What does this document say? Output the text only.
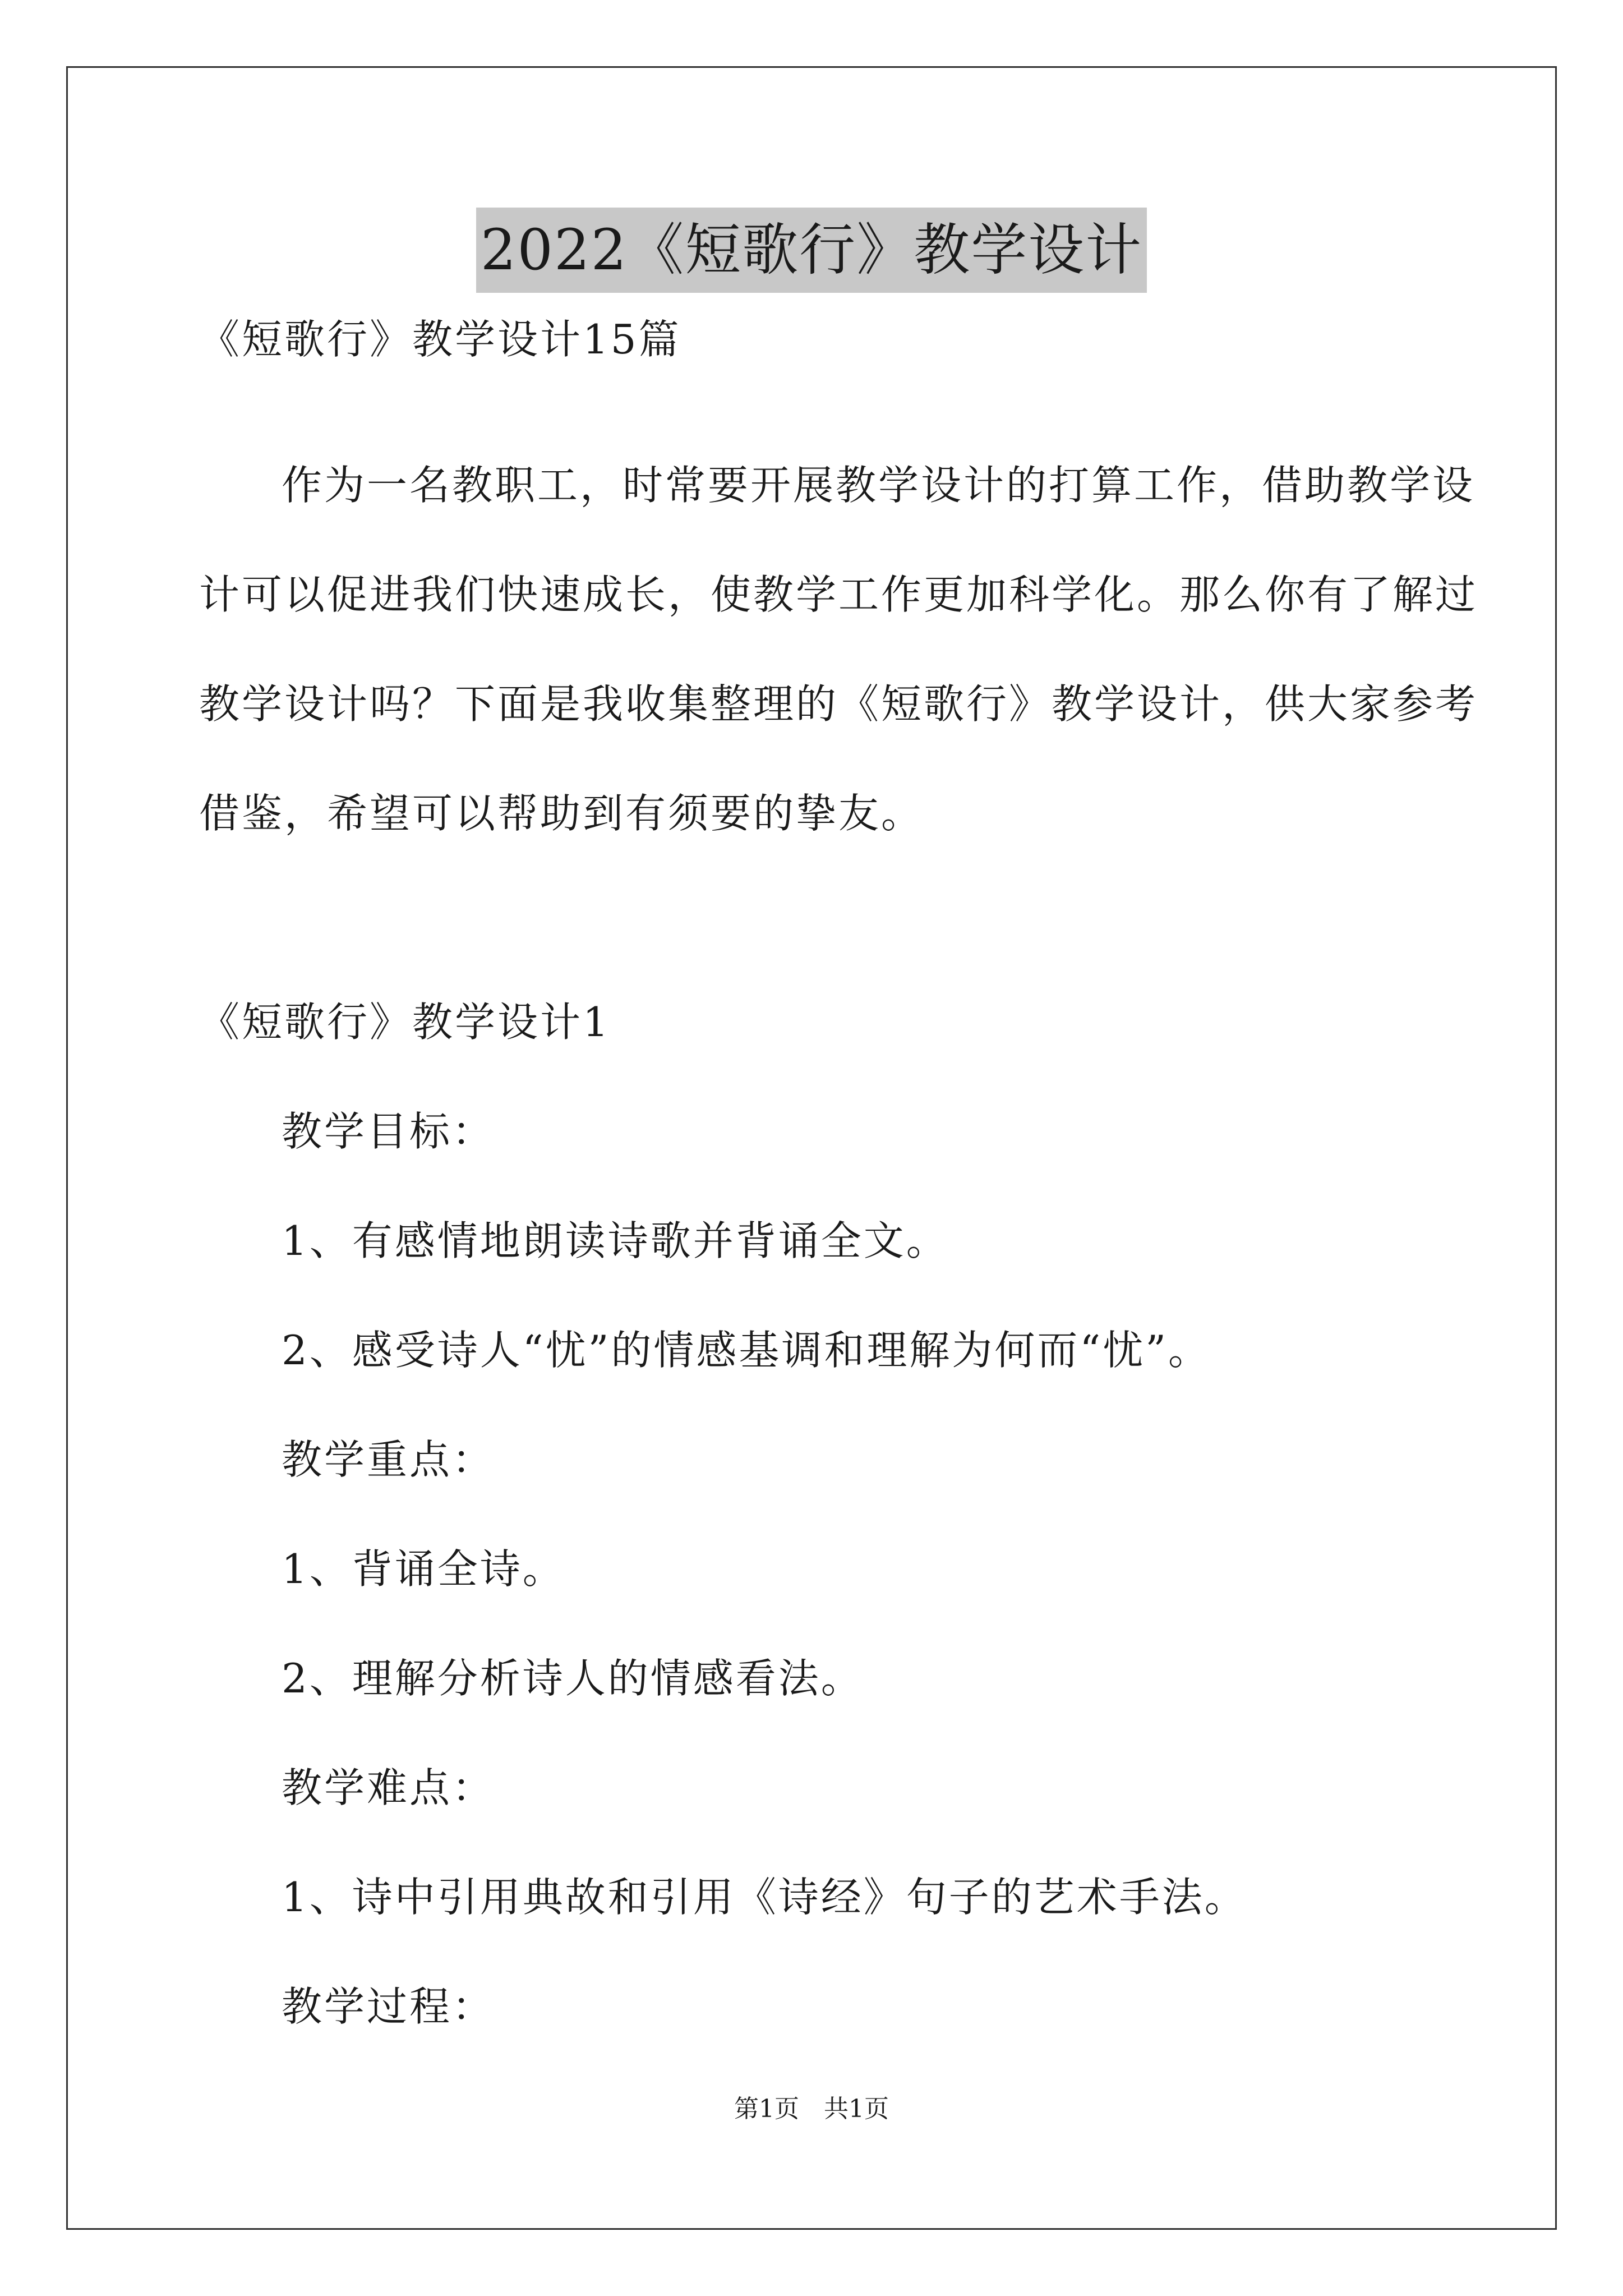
2022《短歌行》教学设计
《短歌行》教学设计15篇
作为一名教职工，时常要开展教学设计的打算工作，借助教学设
计可以促进我们快速成长，使教学工作更加科学化。那么你有了解过
教学设计吗？下面是我收集整理的《短歌行》教学设计，供大家参考
借鉴，希望可以帮助到有须要的挚友。
《短歌行》教学设计1
教学目标：
1、有感情地朗读诗歌并背诵全文。
2、感受诗人“忧”的情感基调和理解为何而“忧”。
教学重点：
1、背诵全诗。
2、理解分析诗人的情感看法。
教学难点：
1、诗中引用典故和引用《诗经》句子的艺术手法。
教学过程：
第1页　共1页
